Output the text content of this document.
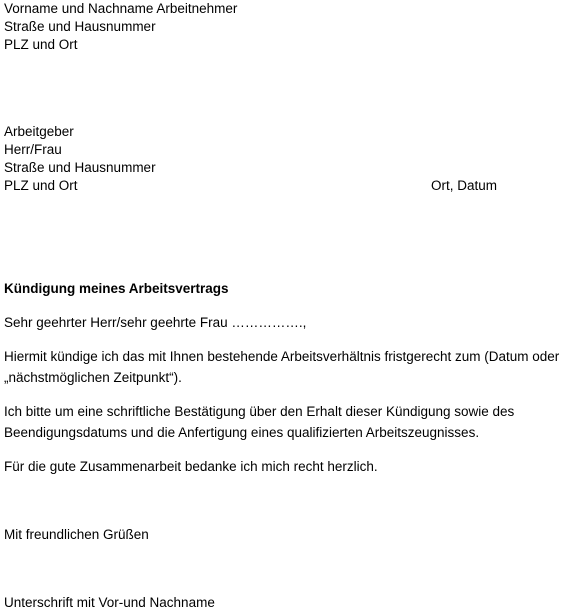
Vorname und Nachname Arbeitnehmer
Straße und Hausnummer
PLZ und Ort
Arbeitgeber
Herr/Frau
Straße und Hausnummer
PLZ und Ort	Ort, Datum
Kündigung meines Arbeitsvertrags
Sehr geehrter Herr/sehr geehrte Frau …………….,
Hiermit kündige ich das mit Ihnen bestehende Arbeitsverhältnis fristgerecht zum (Datum oder
„nächstmöglichen Zeitpunkt“).
Ich bitte um eine schriftliche Bestätigung über den Erhalt dieser Kündigung sowie des
Beendigungsdatums und die Anfertigung eines qualifizierten Arbeitszeugnisses.
Für die gute Zusammenarbeit bedanke ich mich recht herzlich.
Mit freundlichen Grüßen
Unterschrift mit Vor-und Nachname
